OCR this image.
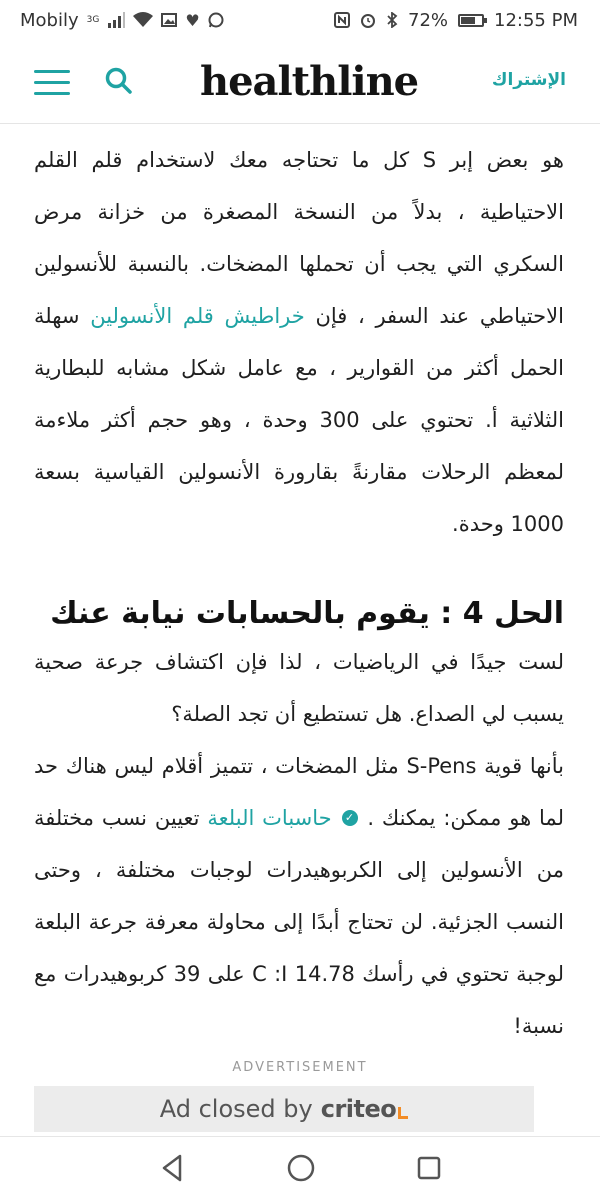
Mobily 3G	♥	72%	12:55 PM
healthline	الإشتراك

هو بعض إبر S كل ما تحتاجه معك لاستخدام قلم القلم الاحتياطية ، بدلاً من النسخة المصغرة من خزانة مرض السكري التي يجب أن تحملها المضخات. بالنسبة للأنسولين الاحتياطي عند السفر ، فإن خراطيش قلم الأنسولين سهلة الحمل أكثر من القوارير ، مع عامل شكل مشابه للبطارية الثلاثية أ. تحتوي على 300 وحدة ، وهو حجم أكثر ملاءمة لمعظم الرحلات مقارنةً بقارورة الأنسولين القياسية بسعة 1000 وحدة.

الحل 4 : يقوم بالحسابات نيابة عنك

لست جيدًا في الرياضيات ، لذا فإن اكتشاف جرعة صحية يسبب لي الصداع. هل تستطيع أن تجد الصلة؟

بأنها قوية S-Pens مثل المضخات ، تتميز أقلام ليس هناك حد لما هو ممكن: يمكنك . ✓ حاسبات البلعة تعيين نسب مختلفة من الأنسولين إلى الكربوهيدرات لوجبات مختلفة ، وحتى النسب الجزئية. لن تحتاج أبدًا إلى محاولة معرفة جرعة البلعة لوجبة تحتوي في رأسك 14.78 C :I على 39 كربوهيدرات مع نسبة!

ADVERTISEMENT
Ad closed by criteo
